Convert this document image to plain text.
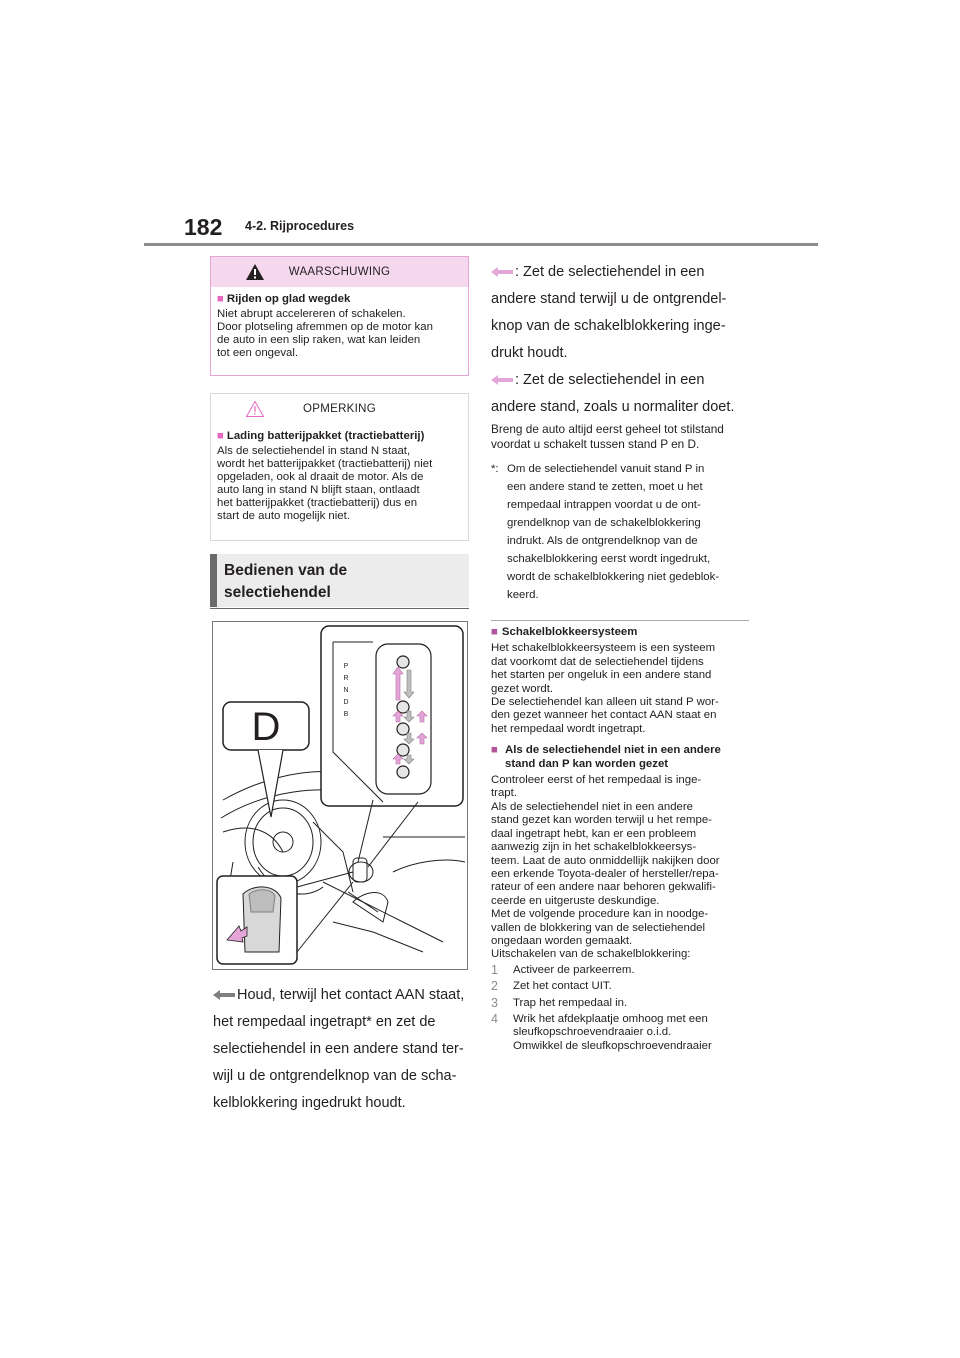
182 4-2. Rijprocedures
WAARSCHUWING
■ Rijden op glad wegdek
Niet abrupt accelereren of schakelen.
Door plotseling afremmen op de motor kan
de auto in een slip raken, wat kan leiden
tot een ongeval.
OPMERKING
■ Lading batterijpakket (tractiebatterij)
Als de selectiehendel in stand N staat,
wordt het batterijpakket (tractiebatterij) niet
opgeladen, ook al draait de motor. Als de
auto lang in stand N blijft staan, ontlaadt
het batterijpakket (tractiebatterij) dus en
start de auto mogelijk niet.
Bedienen van de
selectiehendel
P
R
N
D
B
D
Houd, terwijl het contact AAN staat,
het rempedaal ingetrapt* en zet de
selectiehendel in een andere stand ter-
wijl u de ontgrendelknop van de scha-
kelblokkering ingedrukt houdt.
: Zet de selectiehendel in een
andere stand terwijl u de ontgrendel-
knop van de schakelblokkering inge-
drukt houdt.
: Zet de selectiehendel in een
andere stand, zoals u normaliter doet.
Breng de auto altijd eerst geheel tot stilstand
voordat u schakelt tussen stand P en D.
*: Om de selectiehendel vanuit stand P in
een andere stand te zetten, moet u het
rempedaal intrappen voordat u de ont-
grendelknop van de schakelblokkering
indrukt. Als de ontgrendelknop van de
schakelblokkering eerst wordt ingedrukt,
wordt de schakelblokkering niet gedeblok-
keerd.
■ Schakelblokkeersysteem
Het schakelblokkeersysteem is een systeem
dat voorkomt dat de selectiehendel tijdens
het starten per ongeluk in een andere stand
gezet wordt.
De selectiehendel kan alleen uit stand P wor-
den gezet wanneer het contact AAN staat en
het rempedaal wordt ingetrapt.
■ Als de selectiehendel niet in een andere
stand dan P kan worden gezet
Controleer eerst of het rempedaal is inge-
trapt.
Als de selectiehendel niet in een andere
stand gezet kan worden terwijl u het rempe-
daal ingetrapt hebt, kan er een probleem
aanwezig zijn in het schakelblokkeersys-
teem. Laat de auto onmiddellijk nakijken door
een erkende Toyota-dealer of hersteller/repa-
rateur of een andere naar behoren gekwalifi-
ceerde en uitgeruste deskundige.
Met de volgende procedure kan in noodge-
vallen de blokkering van de selectiehendel
ongedaan worden gemaakt.
Uitschakelen van de schakelblokkering:
1 Activeer de parkeerrem.
2 Zet het contact UIT.
3 Trap het rempedaal in.
4 Wrik het afdekplaatje omhoog met een
sleufkopschroevendraaier o.i.d.
Omwikkel de sleufkopschroevendraaier
